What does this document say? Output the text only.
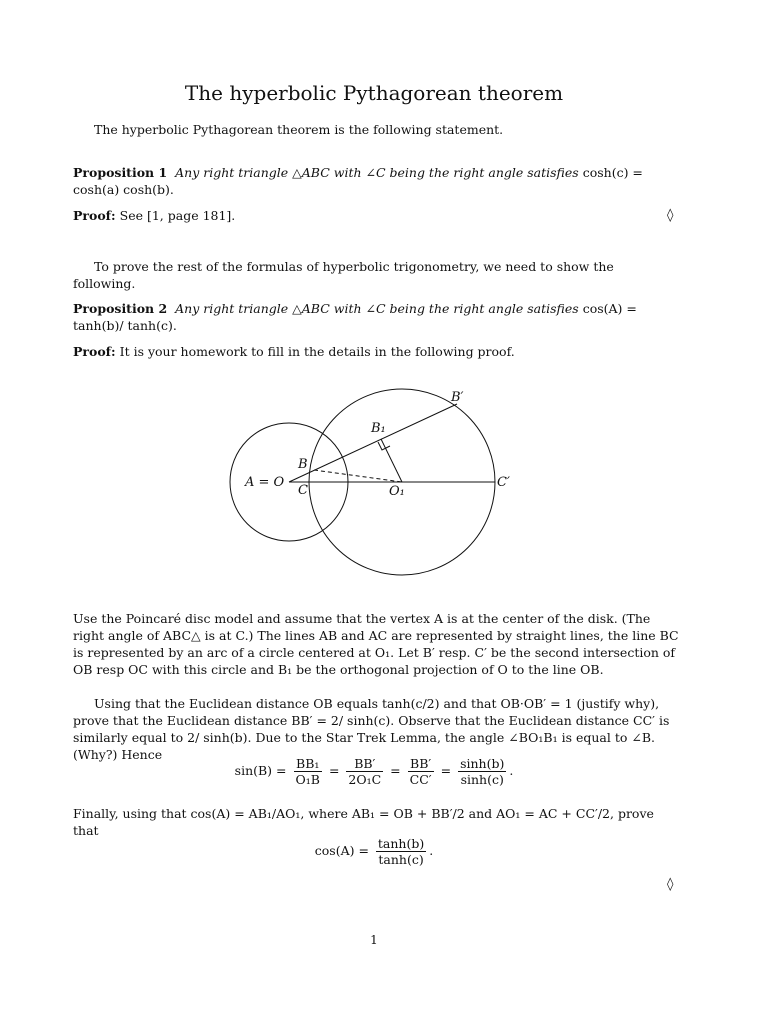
The hyperbolic Pythagorean theorem
The hyperbolic Pythagorean theorem is the following statement.
Proposition 1 Any right triangle △ABC with ∠C being the right angle satisfies cosh(c) = cosh(a) cosh(b).
Proof: See [1, page 181].	◊
To prove the rest of the formulas of hyperbolic trigonometry, we need to show the following.
Proposition 2 Any right triangle △ABC with ∠C being the right angle satisfies cos(A) = tanh(b)/ tanh(c).
Proof: It is your homework to fill in the details in the following proof.
B′
B₁
B
A = O
C	O₁
C′
Use the Poincaré disc model and assume that the vertex A is at the center of the disk. (The right angle of ABC△ is at C.) The lines AB and AC are represented by straight lines, the line BC is represented by an arc of a circle centered at O₁. Let B′ resp. C′ be the second intersection of OB resp OC with this circle and B₁ be the orthogonal projection of O to the line OB.
Using that the Euclidean distance OB equals tanh(c/2) and that OB·OB′ = 1 (justify why), prove that the Euclidean distance BB′ = 2/ sinh(c). Observe that the Euclidean distance CC′ is similarly equal to 2/ sinh(b). Due to the Star Trek Lemma, the angle ∠BO₁B₁ is equal to ∠B. (Why?) Hence
$\sin(B) = \frac{\text{BB₁}}{\text{O₁B}} = \frac{BB'}{\text{2O₁C}} = \frac{BB'}{CC'} = \frac{\sinh(b)}{\sinh(c)}$ .
Finally, using that cos(A) = AB₁/AO₁, where AB₁ = OB + BB′/2 and AO₁ = AC + CC′/2, prove that
$\cos(A) = \frac{\tanh(b)}{\tanh(c)}$ .
◊
1
